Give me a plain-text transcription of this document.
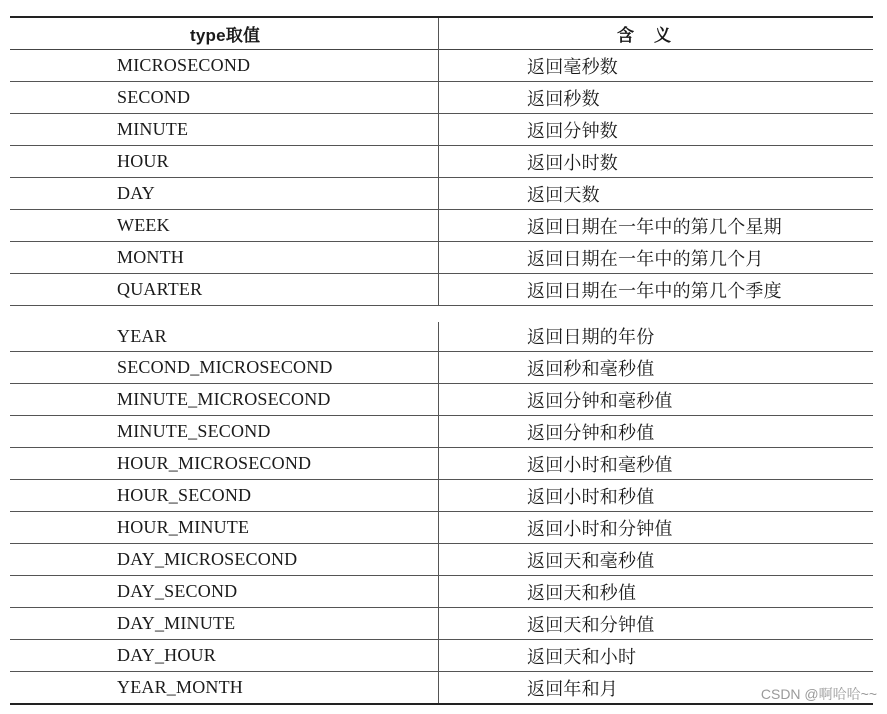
type取值	含义
MICROSECOND	返回毫秒数
SECOND	返回秒数
MINUTE	返回分钟数
HOUR	返回小时数
DAY	返回天数
WEEK	返回日期在一年中的第几个星期
MONTH	返回日期在一年中的第几个月
QUARTER	返回日期在一年中的第几个季度
YEAR	返回日期的年份
SECOND_MICROSECOND	返回秒和毫秒值
MINUTE_MICROSECOND	返回分钟和毫秒值
MINUTE_SECOND	返回分钟和秒值
HOUR_MICROSECOND	返回小时和毫秒值
HOUR_SECOND	返回小时和秒值
HOUR_MINUTE	返回小时和分钟值
DAY_MICROSECOND	返回天和毫秒值
DAY_SECOND	返回天和秒值
DAY_MINUTE	返回天和分钟值
DAY_HOUR	返回天和小时
YEAR_MONTH	返回年和月	CSDN @啊哈哈~~
